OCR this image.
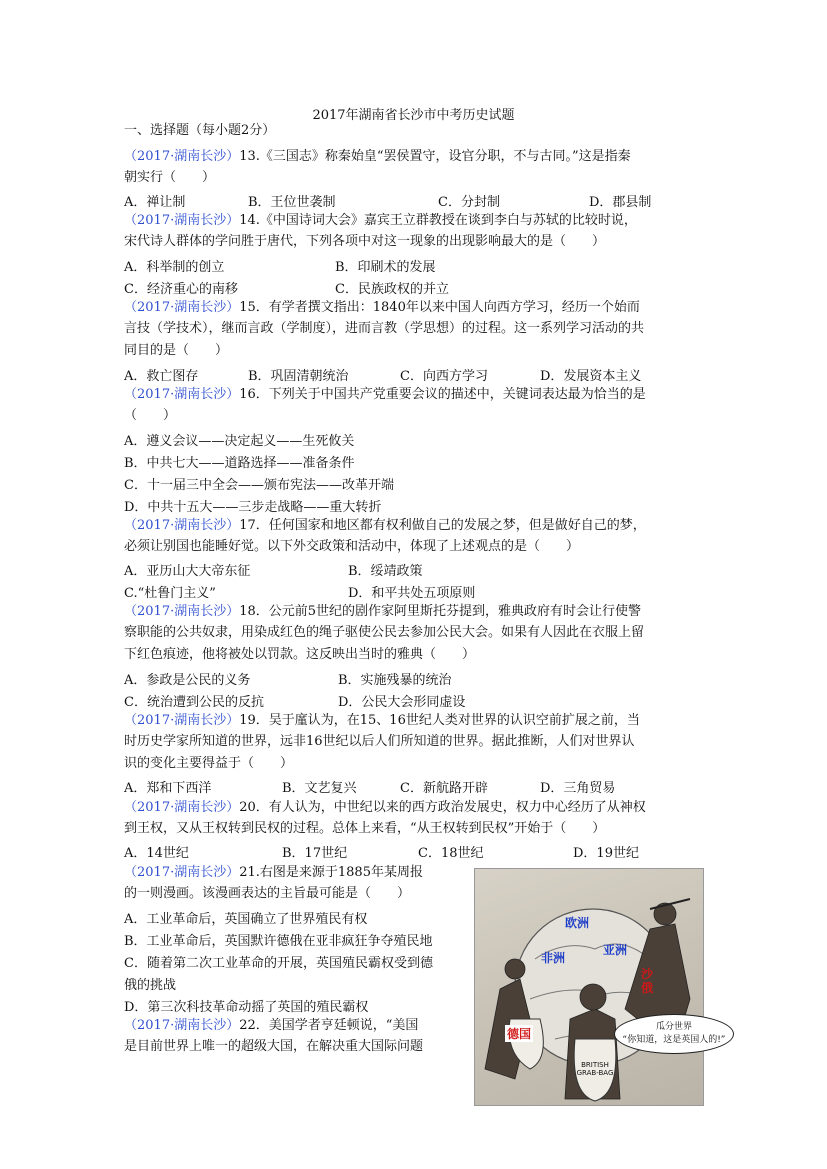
2017年湖南省长沙市中考历史试题
一、选择题（每小题2分）
（2017·湖南长沙）13.《三国志》称秦始皇“罢侯置守，设官分职，不与古同。”这是指秦
朝实行（　　）
A．禅让制	B．王位世袭制	C．分封制	D．郡县制
（2017·湖南长沙）14.《中国诗词大会》嘉宾王立群教授在谈到李白与苏轼的比较时说，
宋代诗人群体的学问胜于唐代，下列各项中对这一现象的出现影响最大的是（　　）
A．科举制的创立	B．印刷术的发展
C．经济重心的南移	C．民族政权的并立
（2017·湖南长沙）15．有学者撰文指出：1840年以来中国人向西方学习，经历一个始而
言技（学技术），继而言政（学制度），进而言教（学思想）的过程。这一系列学习活动的共
同目的是（　　）
A．救亡图存	B．巩固清朝统治	C．向西方学习	D．发展资本主义
（2017·湖南长沙）16．下列关于中国共产党重要会议的描述中，关键词表达最为恰当的是
（　　）
A．遵义会议——决定起义——生死攸关
B．中共七大——道路选择——准备条件
C．十一届三中全会——颁布宪法——改革开端
D．中共十五大——三步走战略——重大转折
（2017·湖南长沙）17．任何国家和地区都有权利做自己的发展之梦，但是做好自己的梦，
必须让别国也能睡好觉。以下外交政策和活动中，体现了上述观点的是（　　）
A．亚历山大大帝东征	B．绥靖政策
C.“杜鲁门主义”	D．和平共处五项原则
（2017·湖南长沙）18．公元前5世纪的剧作家阿里斯托芬提到，雅典政府有时会让行使警
察职能的公共奴隶，用染成红色的绳子驱使公民去参加公民大会。如果有人因此在衣服上留
下红色痕迹，他将被处以罚款。这反映出当时的雅典（　　）
A．参政是公民的义务	B．实施残暴的统治
C．统治遭到公民的反抗	D．公民大会形同虚设
（2017·湖南长沙）19．吴于廑认为，在15、16世纪人类对世界的认识空前扩展之前，当
时历史学家所知道的世界，远非16世纪以后人们所知道的世界。据此推断，人们对世界认
识的变化主要得益于（　　）
A．郑和下西洋	B．文艺复兴	C．新航路开辟	D．三角贸易
（2017·湖南长沙）20．有人认为，中世纪以来的西方政治发展史，权力中心经历了从神权
到王权，又从王权转到民权的过程。总体上来看，“从王权转到民权”开始于（　　）
A．14世纪	B．17世纪	C．18世纪	D．19世纪
（2017·湖南长沙）21.右图是来源于1885年某周报
的一则漫画。该漫画表达的主旨最可能是（　　）
A．工业革命后，英国确立了世界殖民有权
B．工业革命后，英国默许德俄在亚非疯狂争夺殖民地
C．随着第二次工业革命的开展，英国殖民霸权受到德
俄的挑战
D．第三次科技革命动摇了英国的殖民霸权
（2017·湖南长沙）22．美国学者亨廷顿说，“美国
是目前世界上唯一的超级大国，在解决重大国际问题
欧洲
亚洲
非洲
沙俄
德国
BRITISH GRAB-BAG
瓜分世界
“你知道，这是英国人的!”
